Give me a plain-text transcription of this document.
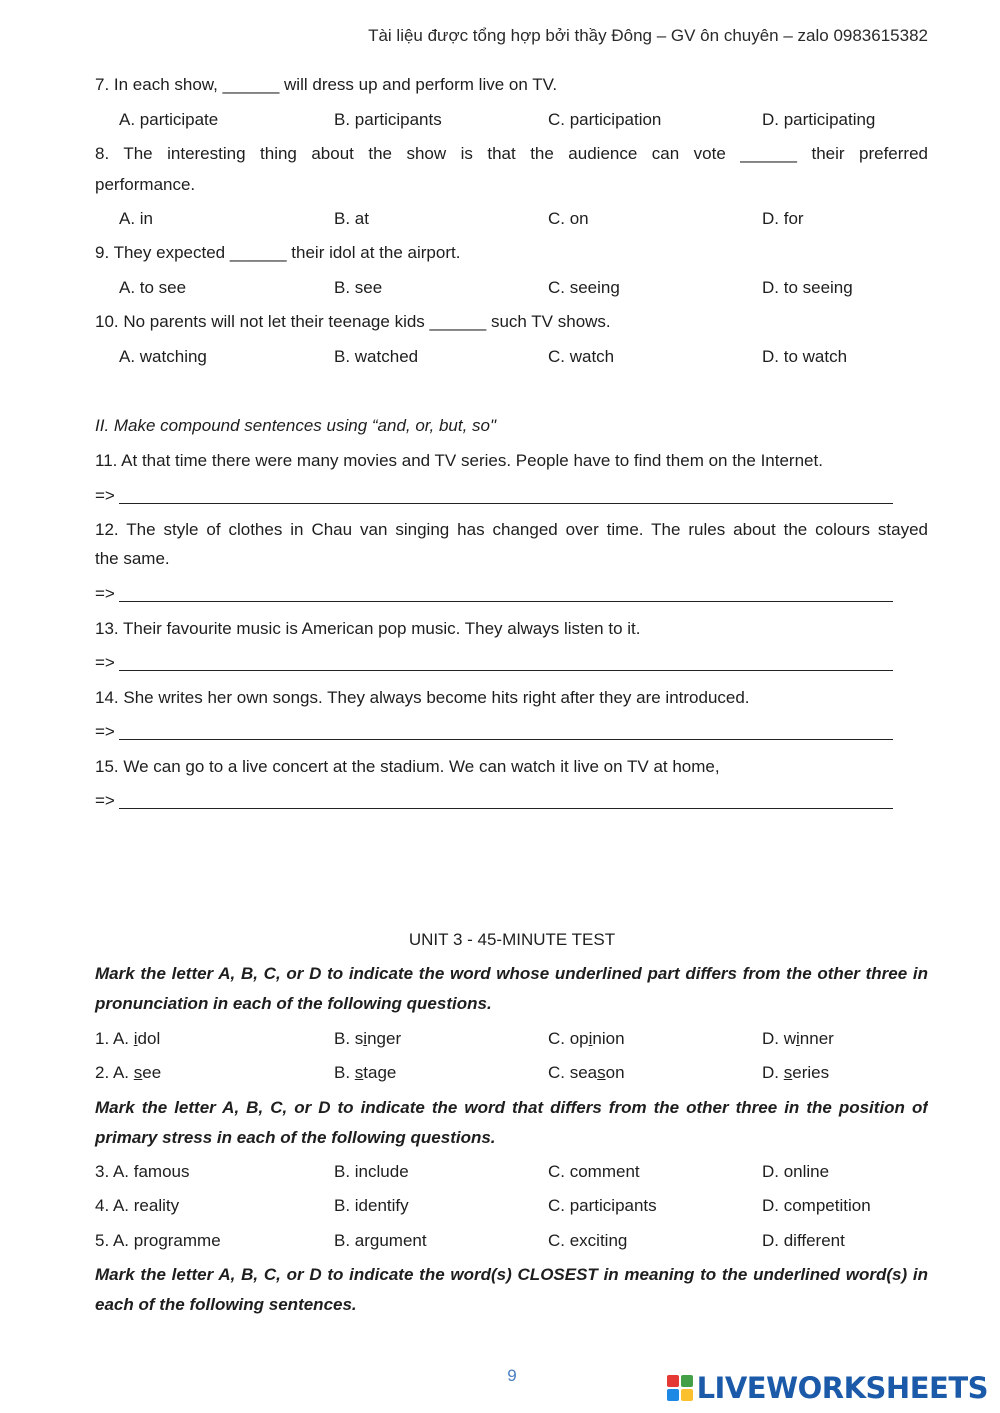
Tài liệu được tổng hợp bởi thầy Đông – GV ôn chuyên – zalo 0983615382
7. In each show, ______ will dress up and perform live on TV.
A. participate	B. participants	C. participation	D. participating
8. The interesting thing about the show is that the audience can vote ______ their preferred
performance.
A. in	B. at	C. on	D. for
9. They expected ______ their idol at the airport.
A. to see	B. see	C. seeing	D. to seeing
10. No parents will not let their teenage kids ______ such TV shows.
A. watching	B. watched	C. watch	D. to watch
II. Make compound sentences using “and, or, but, so"
11. At that time there were many movies and TV series. People have to find them on the Internet.
=>
12. The style of clothes in Chau van singing has changed over time. The rules about the colours stayed
the same.
=>
13. Their favourite music is American pop music. They always listen to it.
=>
14. She writes her own songs. They always become hits right after they are introduced.
=>
15. We can go to a live concert at the stadium. We can watch it live on TV at home,
=>
UNIT 3 - 45-MINUTE TEST
Mark the letter A, B, C, or D to indicate the word whose underlined part differs from the other three in
pronunciation in each of the following questions.
1. A. idol	B. singer	C. opinion	D. winner
2. A. see	B. stage	C. season	D. series
Mark the letter A, B, C, or D to indicate the word that differs from the other three in the position of
primary stress in each of the following questions.
3. A. famous	B. include	C. comment	D. online
4. A. reality	B. identify	C. participants	D. competition
5. A. programme	B. argument	C. exciting	D. different
Mark the letter A, B, C, or D to indicate the word(s) CLOSEST in meaning to the underlined word(s) in
each of the following sentences.
9	LIVEWORKSHEETS
